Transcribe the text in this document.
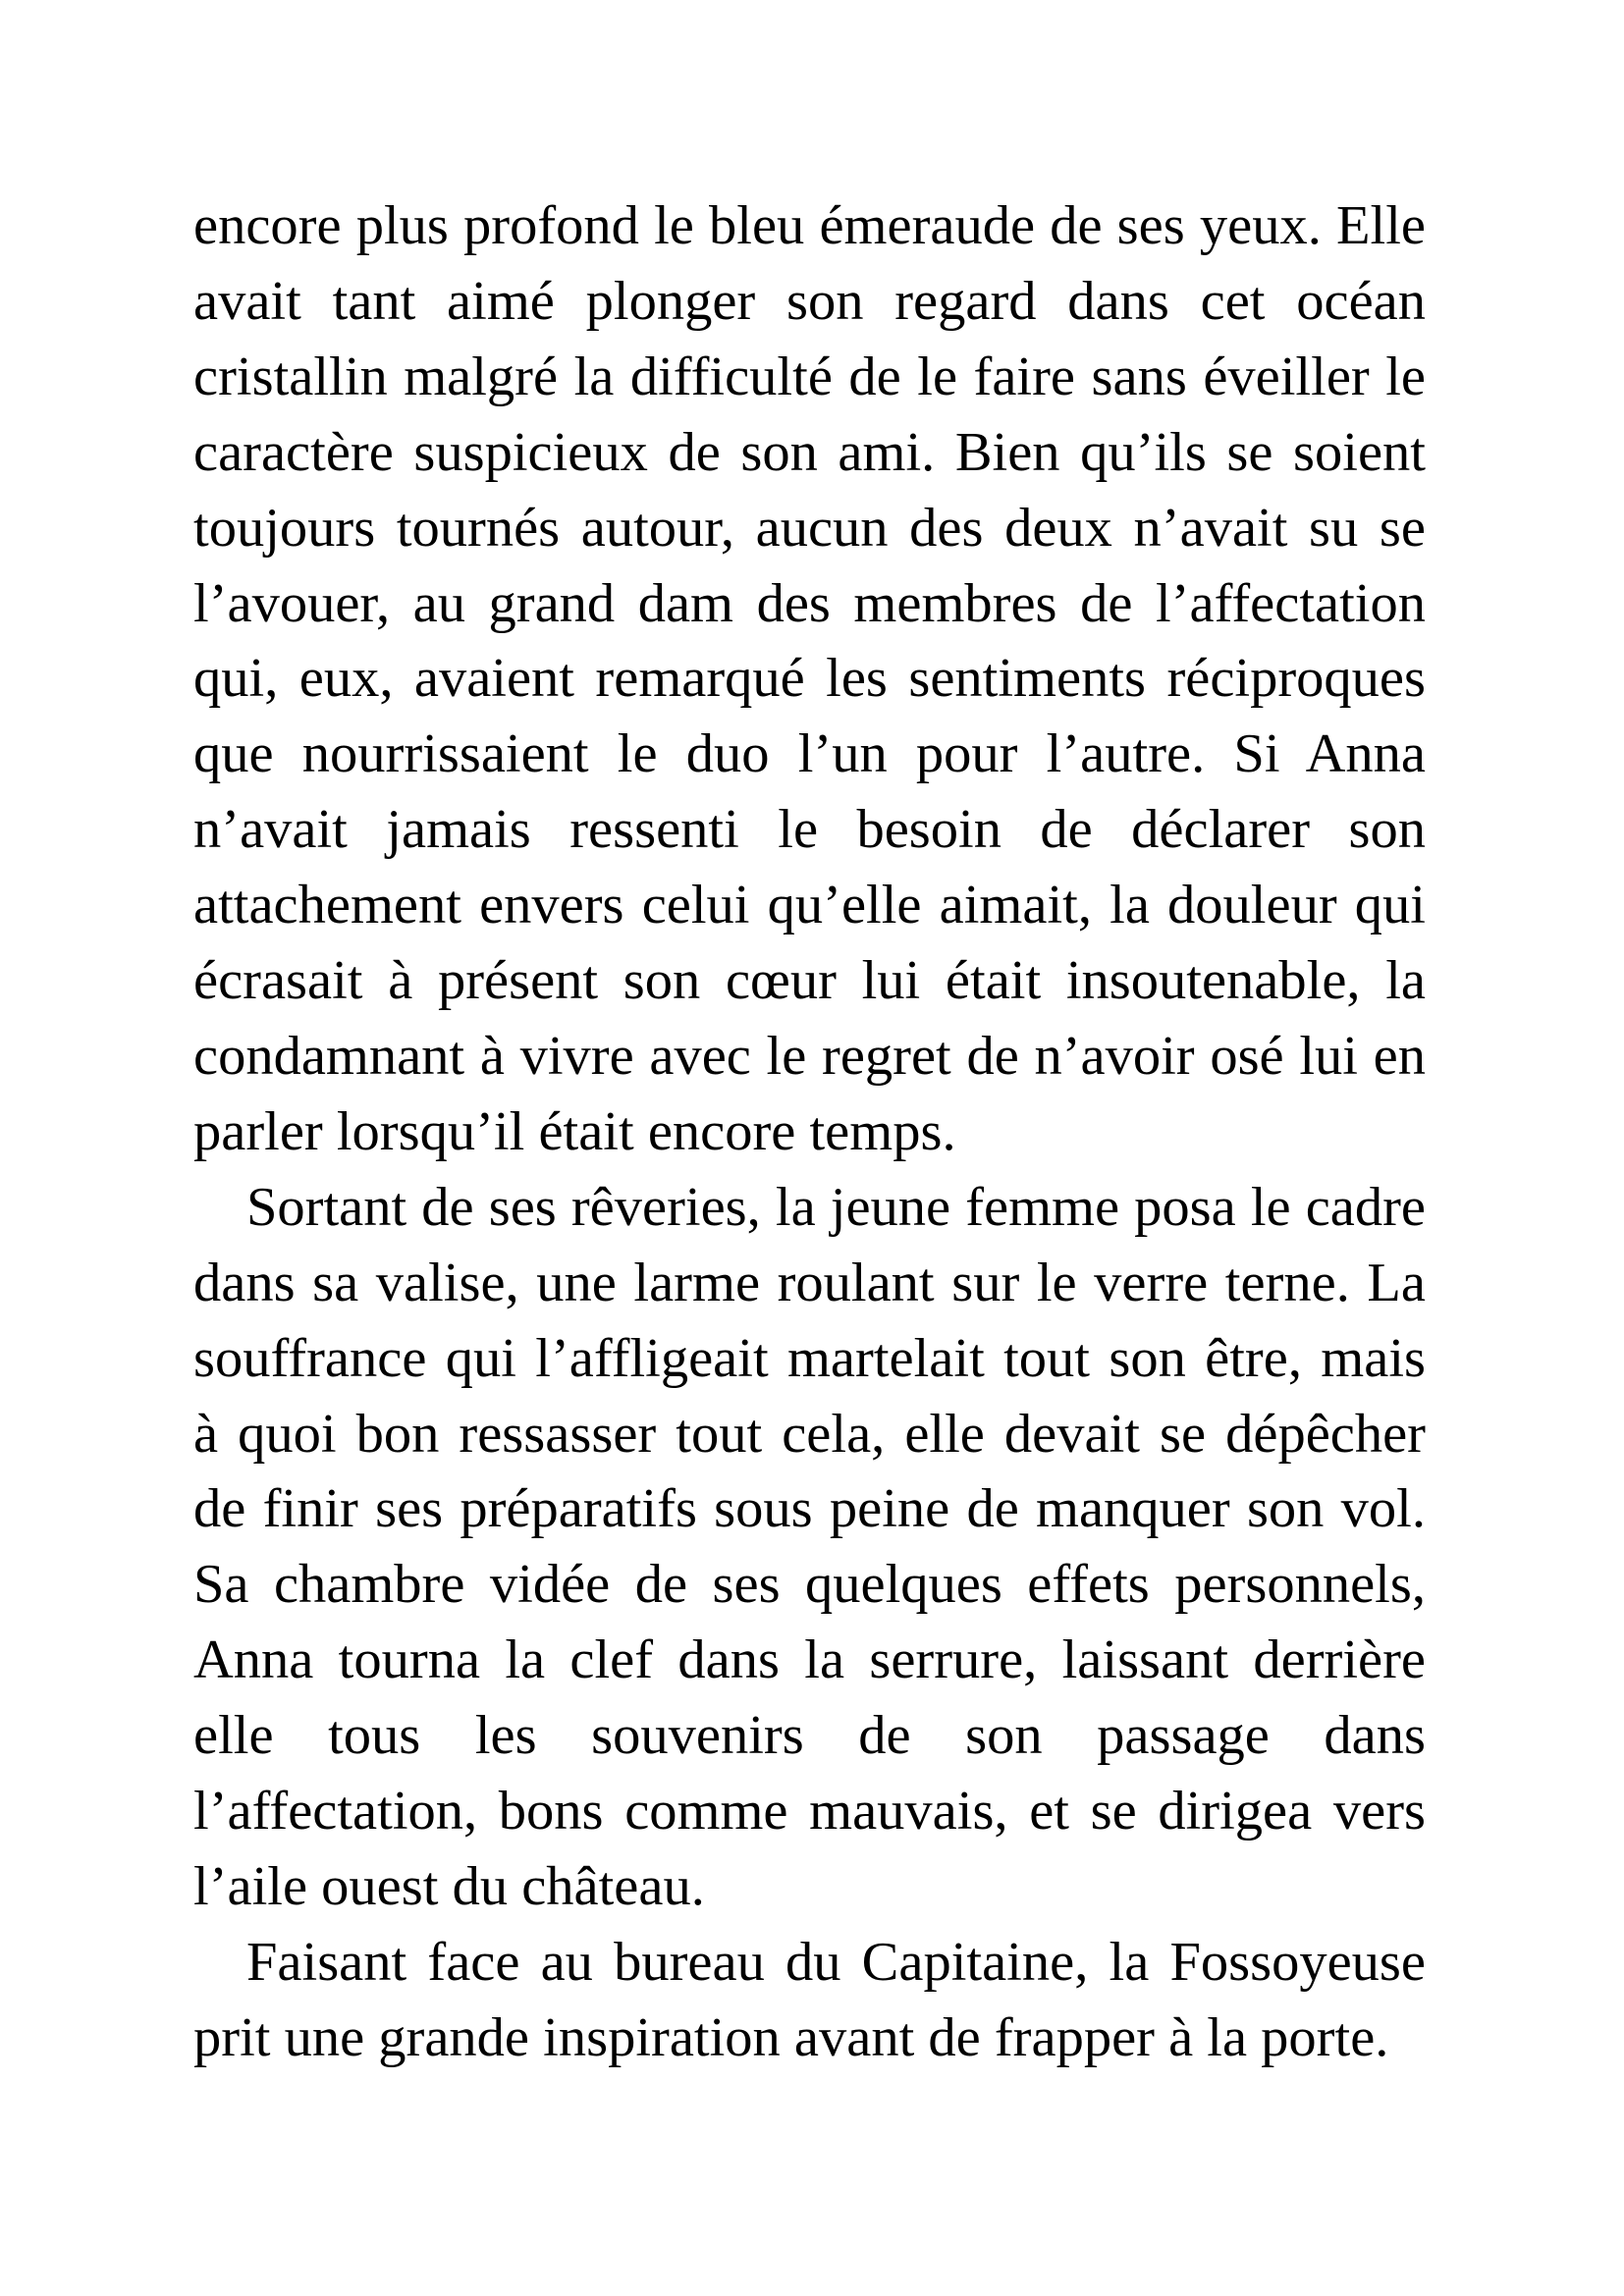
encore plus profond le bleu émeraude de ses yeux. Elle avait tant aimé plonger son regard dans cet océan cristallin malgré la difficulté de le faire sans éveiller le caractère suspicieux de son ami. Bien qu’ils se soient toujours tournés autour, aucun des deux n’avait su se l’avouer, au grand dam des membres de l’affectation qui, eux, avaient remarqué les sentiments réciproques que nourrissaient le duo l’un pour l’autre. Si Anna n’avait jamais ressenti le besoin de déclarer son attachement envers celui qu’elle aimait, la douleur qui écrasait à présent son cœur lui était insoutenable, la condamnant à vivre avec le regret de n’avoir osé lui en parler lorsqu’il était encore temps.

Sortant de ses rêveries, la jeune femme posa le cadre dans sa valise, une larme roulant sur le verre terne. La souffrance qui l’affligeait martelait tout son être, mais à quoi bon ressasser tout cela, elle devait se dépêcher de finir ses préparatifs sous peine de manquer son vol. Sa chambre vidée de ses quelques effets personnels, Anna tourna la clef dans la serrure, laissant derrière elle tous les souvenirs de son passage dans l’affectation, bons comme mauvais, et se dirigea vers l’aile ouest du château.

Faisant face au bureau du Capitaine, la Fossoyeuse prit une grande inspiration avant de frapper à la porte.
